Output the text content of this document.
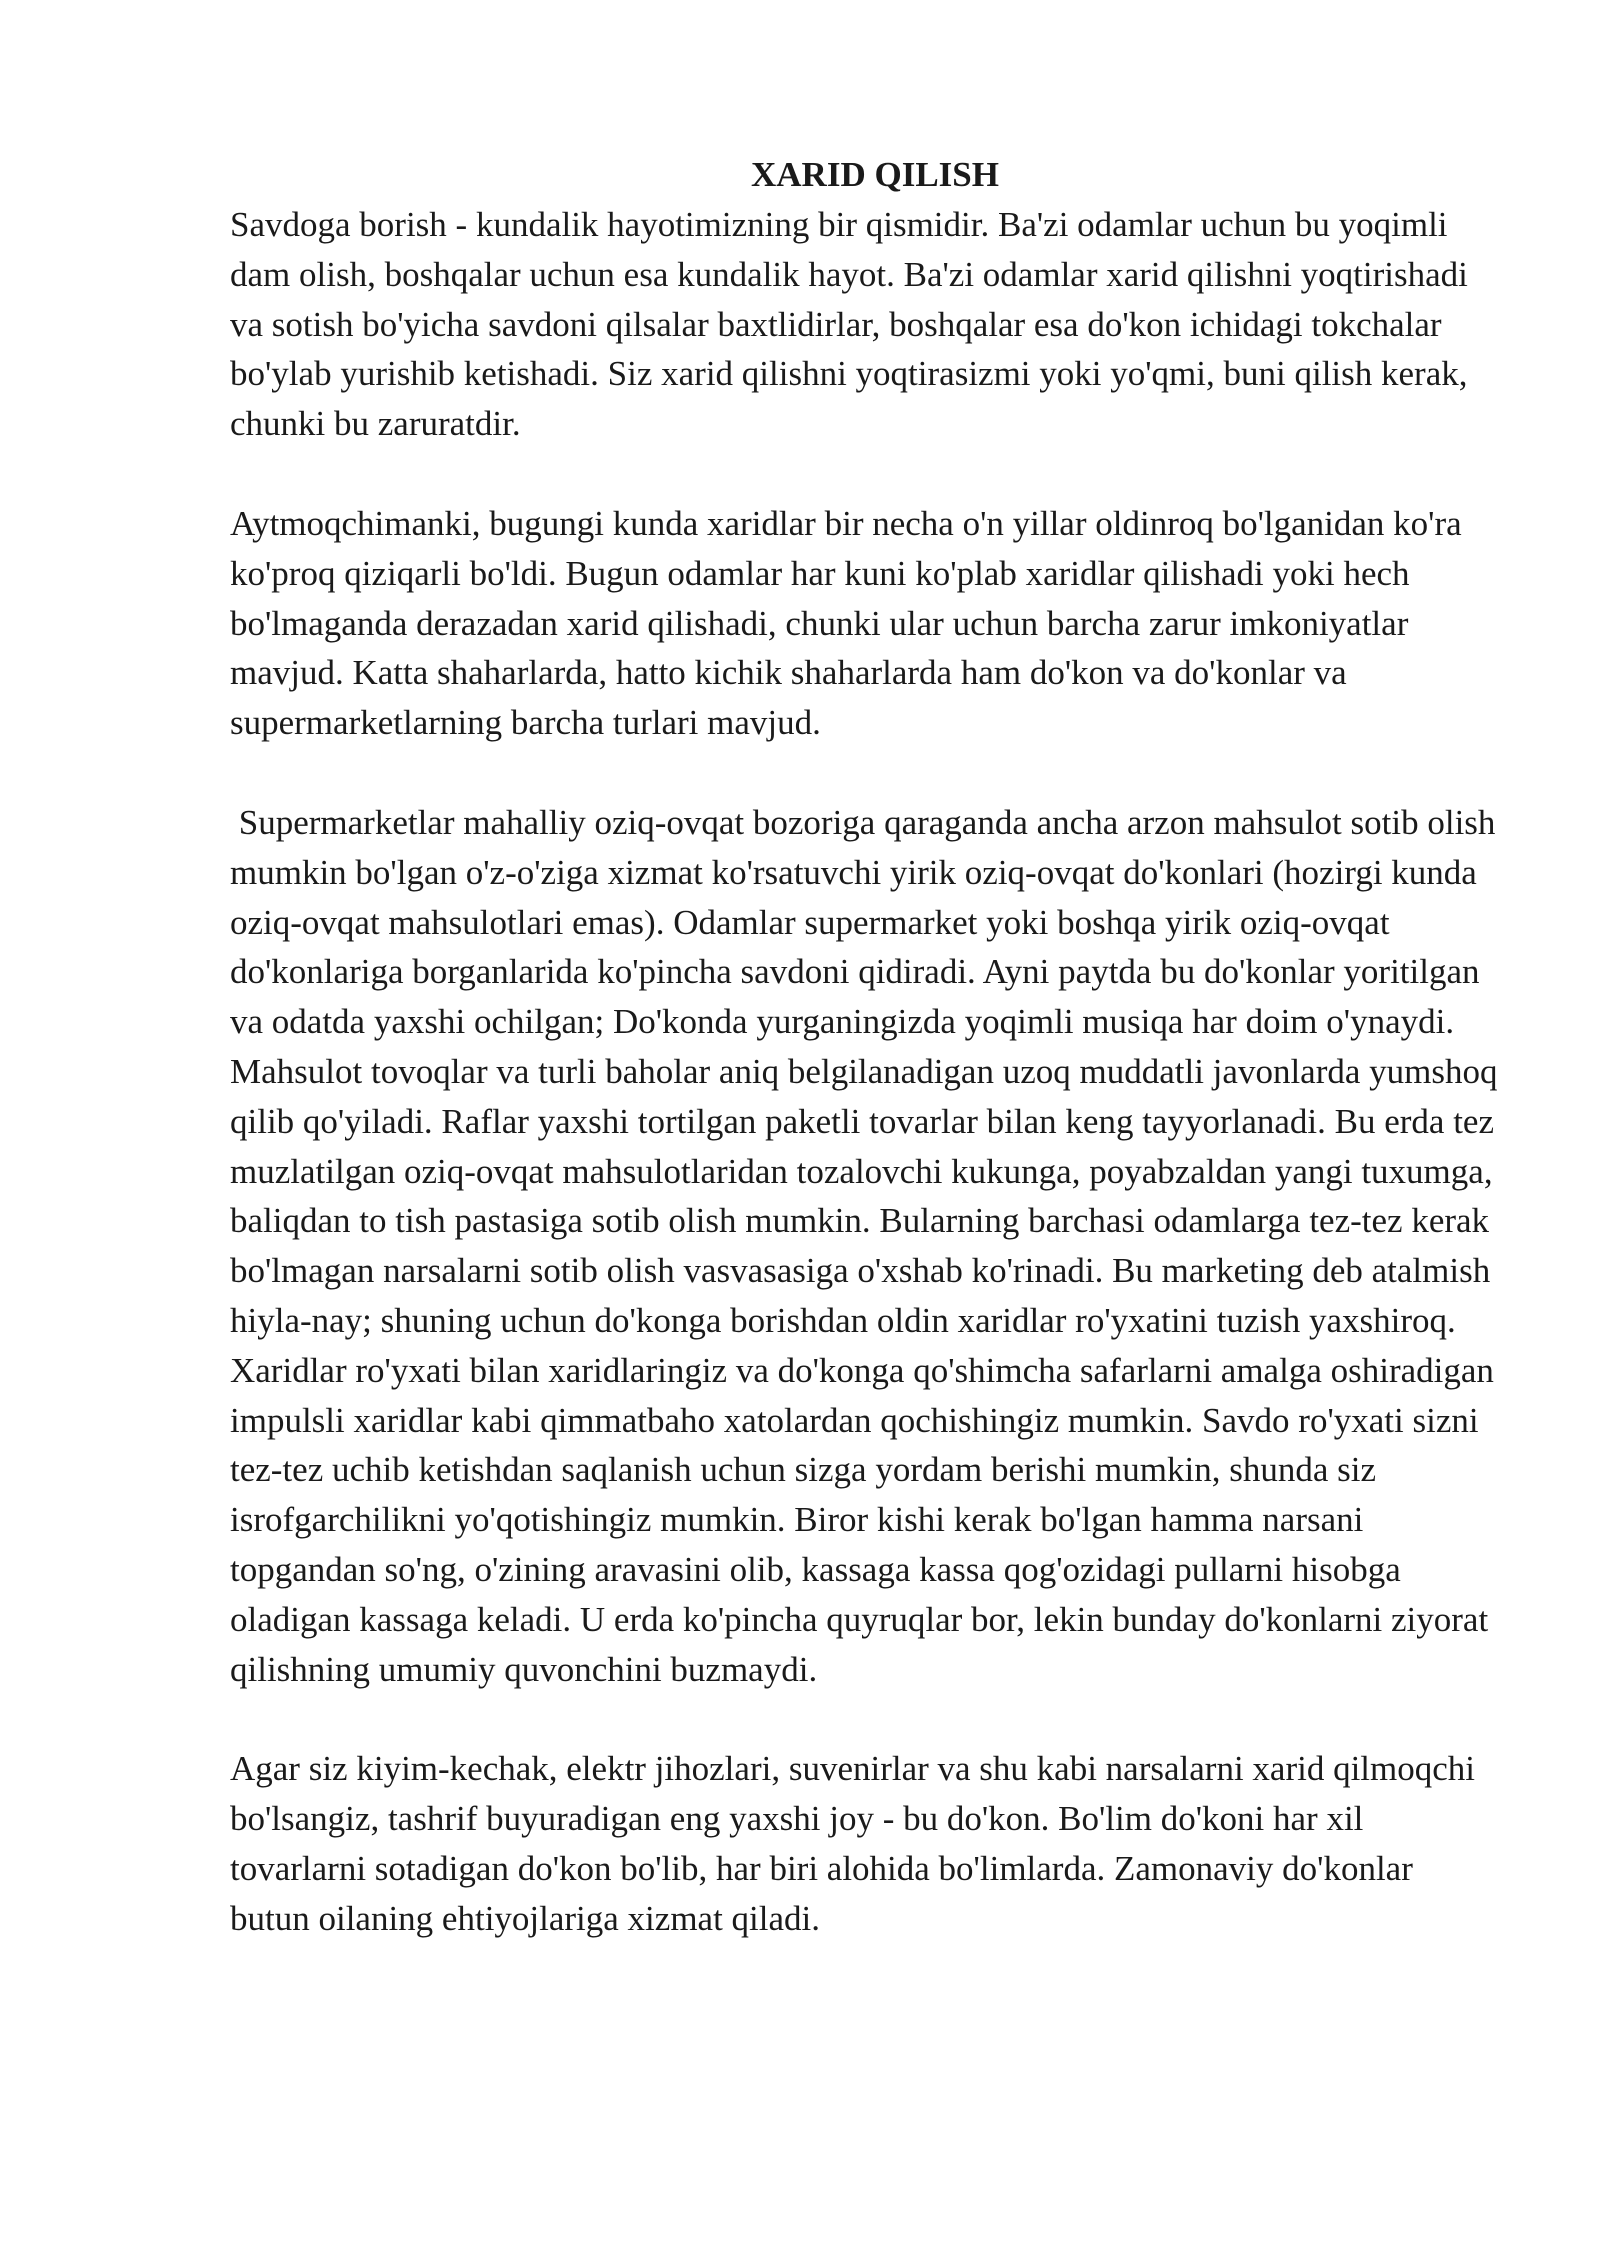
XARID QILISH

Savdoga borish - kundalik hayotimizning bir qismidir. Ba'zi odamlar uchun bu yoqimli dam olish, boshqalar uchun esa kundalik hayot. Ba'zi odamlar xarid qilishni yoqtirishadi va sotish bo'yicha savdoni qilsalar baxtlidirlar, boshqalar esa do'kon ichidagi tokchalar bo'ylab yurishib ketishadi. Siz xarid qilishni yoqtirasizmi yoki yo'qmi, buni qilish kerak, chunki bu zaruratdir.

Aytmoqchimanki, bugungi kunda xaridlar bir necha o'n yillar oldinroq bo'lganidan ko'ra ko'proq qiziqarli bo'ldi. Bugun odamlar har kuni ko'plab xaridlar qilishadi yoki hech bo'lmaganda derazadan xarid qilishadi, chunki ular uchun barcha zarur imkoniyatlar mavjud. Katta shaharlarda, hatto kichik shaharlarda ham do'kon va do'konlar va supermarketlarning barcha turlari mavjud.

Supermarketlar mahalliy oziq-ovqat bozoriga qaraganda ancha arzon mahsulot sotib olish mumkin bo'lgan o'z-o'ziga xizmat ko'rsatuvchi yirik oziq-ovqat do'konlari (hozirgi kunda oziq-ovqat mahsulotlari emas). Odamlar supermarket yoki boshqa yirik oziq-ovqat do'konlariga borganlarida ko'pincha savdoni qidiradi. Ayni paytda bu do'konlar yoritilgan va odatda yaxshi ochilgan; Do'konda yurganingizda yoqimli musiqa har doim o'ynaydi. Mahsulot tovoqlar va turli baholar aniq belgilanadigan uzoq muddatli javonlarda yumshoq qilib qo'yiladi. Raflar yaxshi tortilgan paketli tovarlar bilan keng tayyorlanadi. Bu erda tez muzlatilgan oziq-ovqat mahsulotlaridan tozalovchi kukunga, poyabzaldan yangi tuxumga, baliqdan to tish pastasiga sotib olish mumkin. Bularning barchasi odamlarga tez-tez kerak bo'lmagan narsalarni sotib olish vasvasasiga o'xshab ko'rinadi. Bu marketing deb atalmish hiyla-nay; shuning uchun do'konga borishdan oldin xaridlar ro'yxatini tuzish yaxshiroq. Xaridlar ro'yxati bilan xaridlaringiz va do'konga qo'shimcha safarlarni amalga oshiradigan impulsli xaridlar kabi qimmatbaho xatolardan qochishingiz mumkin. Savdo ro'yxati sizni tez-tez uchib ketishdan saqlanish uchun sizga yordam berishi mumkin, shunda siz isrofgarchilikni yo'qotishingiz mumkin. Biror kishi kerak bo'lgan hamma narsani topgandan so'ng, o'zining aravasini olib, kassaga kassa qog'ozidagi pullarni hisobga oladigan kassaga keladi. U erda ko'pincha quyruqlar bor, lekin bunday do'konlarni ziyorat qilishning umumiy quvonchini buzmaydi.

Agar siz kiyim-kechak, elektr jihozlari, suvenirlar va shu kabi narsalarni xarid qilmoqchi bo'lsangiz, tashrif buyuradigan eng yaxshi joy - bu do'kon. Bo'lim do'koni har xil tovarlarni sotadigan do'kon bo'lib, har biri alohida bo'limlarda. Zamonaviy do'konlar butun oilaning ehtiyojlariga xizmat qiladi.
